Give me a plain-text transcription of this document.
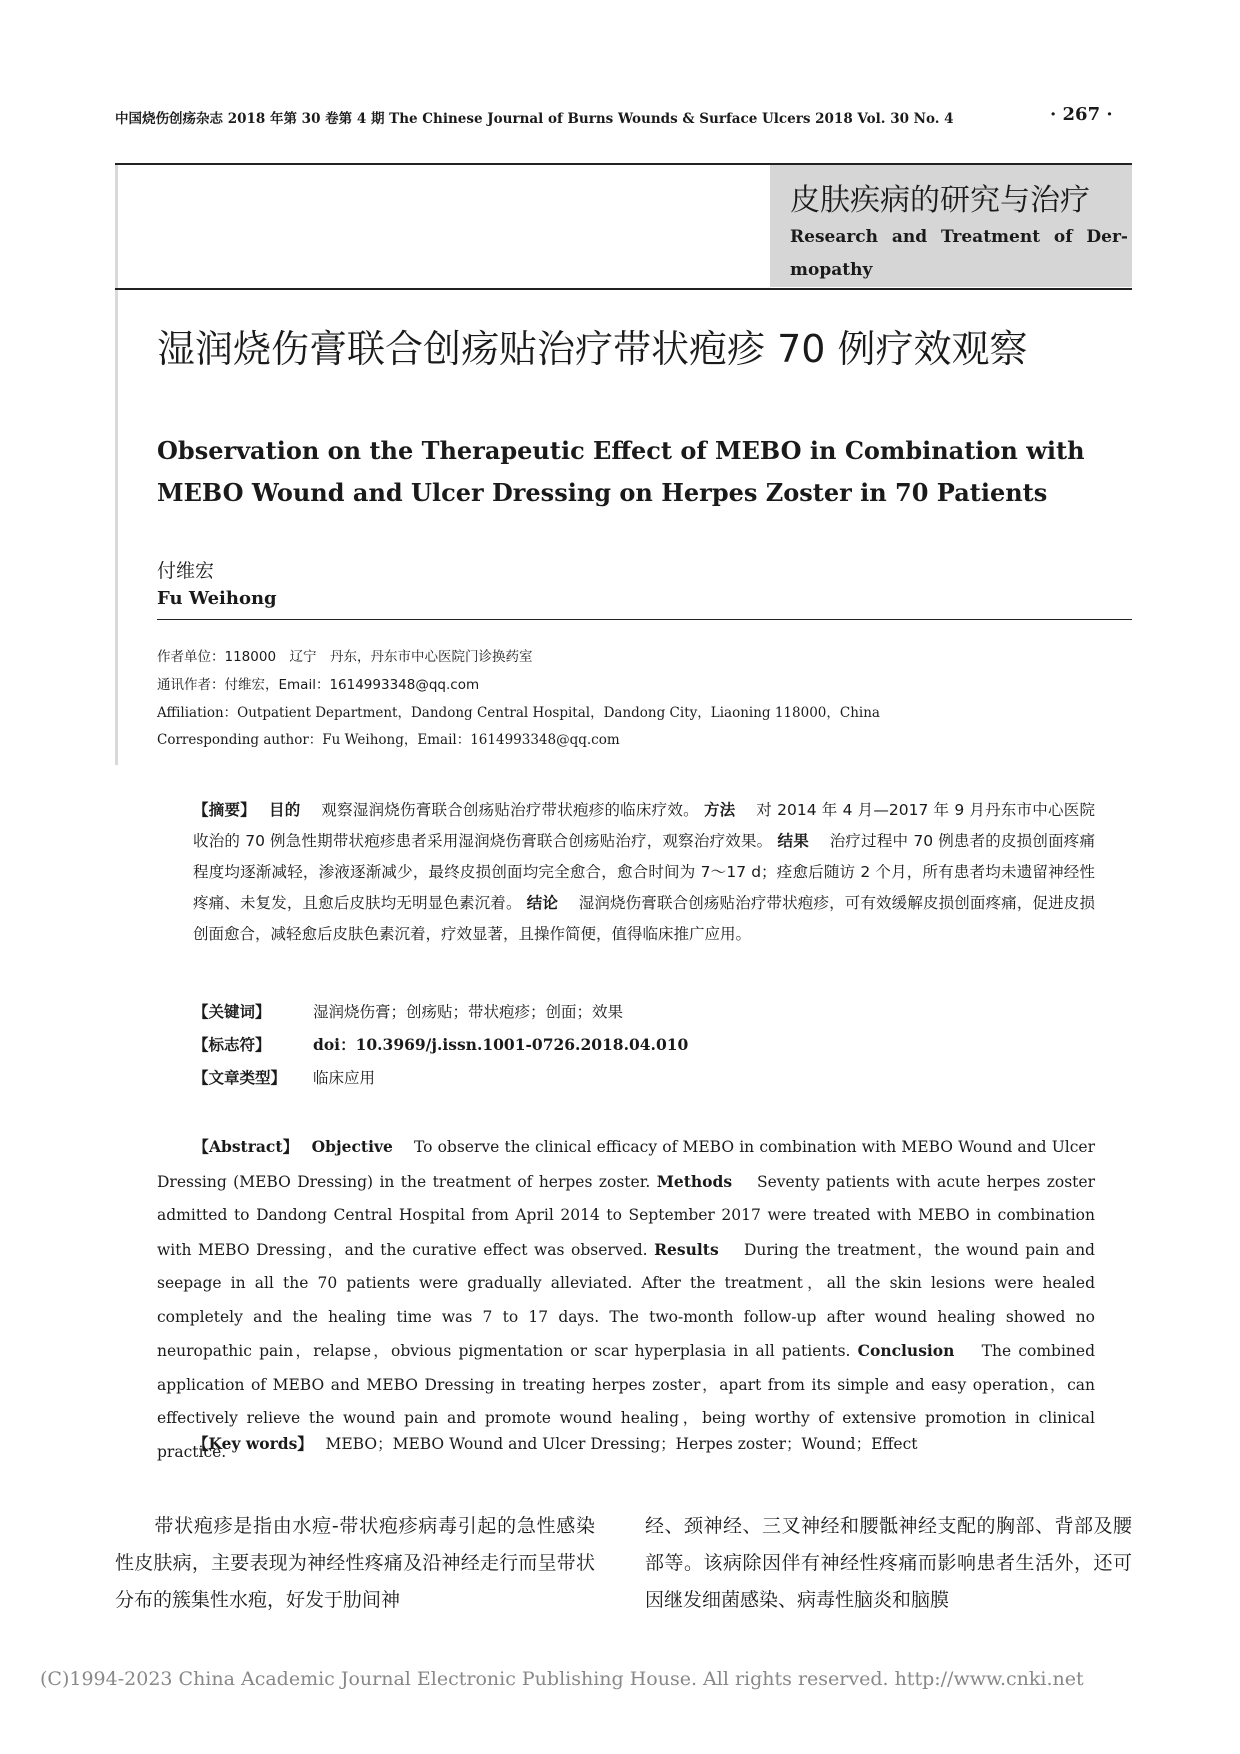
中国烧伤创疡杂志 2018 年第 30 卷第 4 期 The Chinese Journal of Burns Wounds & Surface Ulcers 2018 Vol. 30 No. 4	· 267 ·
皮肤疾病的研究与治疗
Research and Treatment of Der-mopathy
湿润烧伤膏联合创疡贴治疗带状疱疹 70 例疗效观察
Observation on the Therapeutic Effect of MEBO in Combination with MEBO Wound and Ulcer Dressing on Herpes Zoster in 70 Patients
付维宏
Fu Weihong
作者单位：118000　辽宁　丹东，丹东市中心医院门诊换药室
通讯作者：付维宏，Email：1614993348@qq.com
Affiliation：Outpatient Department，Dandong Central Hospital，Dandong City，Liaoning 118000，China
Corresponding author：Fu Weihong，Email：1614993348@qq.com
【摘要】　 目的　 观察湿润烧伤膏联合创疡贴治疗带状疱疹的临床疗效。 方法　 对 2014 年 4 月—2017 年 9 月丹东市中心医院收治的 70 例急性期带状疱疹患者采用湿润烧伤膏联合创疡贴治疗，观察治疗效果。 结果　 治疗过程中 70 例患者的皮损创面疼痛程度均逐渐减轻，渗液逐渐减少，最终皮损创面均完全愈合，愈合时间为 7～17 d；痊愈后随访 2 个月，所有患者均未遗留神经性疼痛、未复发，且愈后皮肤均无明显色素沉着。 结论　 湿润烧伤膏联合创疡贴治疗带状疱疹，可有效缓解皮损创面疼痛，促进皮损创面愈合，减轻愈后皮肤色素沉着，疗效显著，且操作简便，值得临床推广应用。
【关键词】	湿润烧伤膏；创疡贴；带状疱疹；创面；效果
【标志符】	doi：10.3969/j.issn.1001-0726.2018.04.010
【文章类型】 临床应用
【Abstract】　 Objective　 To observe the clinical efficacy of MEBO in combination with MEBO Wound and Ulcer Dressing (MEBO Dressing) in the treatment of herpes zoster. Methods　 Seventy patients with acute herpes zoster admitted to Dandong Central Hospital from April 2014 to September 2017 were treated with MEBO in combination with MEBO Dressing，and the curative effect was observed. Results　 During the treatment，the wound pain and seepage in all the 70 patients were gradually alleviated. After the treatment，all the skin lesions were healed completely and the healing time was 7 to 17 days. The two-month follow-up after wound healing showed no neuropathic pain，relapse，obvious pigmentation or scar hyperplasia in all patients. Conclusion　 The combined application of MEBO and MEBO Dressing in treating herpes zoster，apart from its simple and easy operation，can effectively relieve the wound pain and promote wound healing，being worthy of extensive promotion in clinical practice.
【Key words】　 MEBO；MEBO Wound and Ulcer Dressing；Herpes zoster；Wound；Effect
　　带状疱疹是指由水痘-带状疱疹病毒引起的急性感染性皮肤病，主要表现为神经性疼痛及沿神经走行而呈带状分布的簇集性水疱，好发于肋间神
经、颈神经、三叉神经和腰骶神经支配的胸部、背部及腰部等。该病除因伴有神经性疼痛而影响患者生活外，还可因继发细菌感染、病毒性脑炎和脑膜
(C)1994-2023 China Academic Journal Electronic Publishing House. All rights reserved. http://www.cnki.net
